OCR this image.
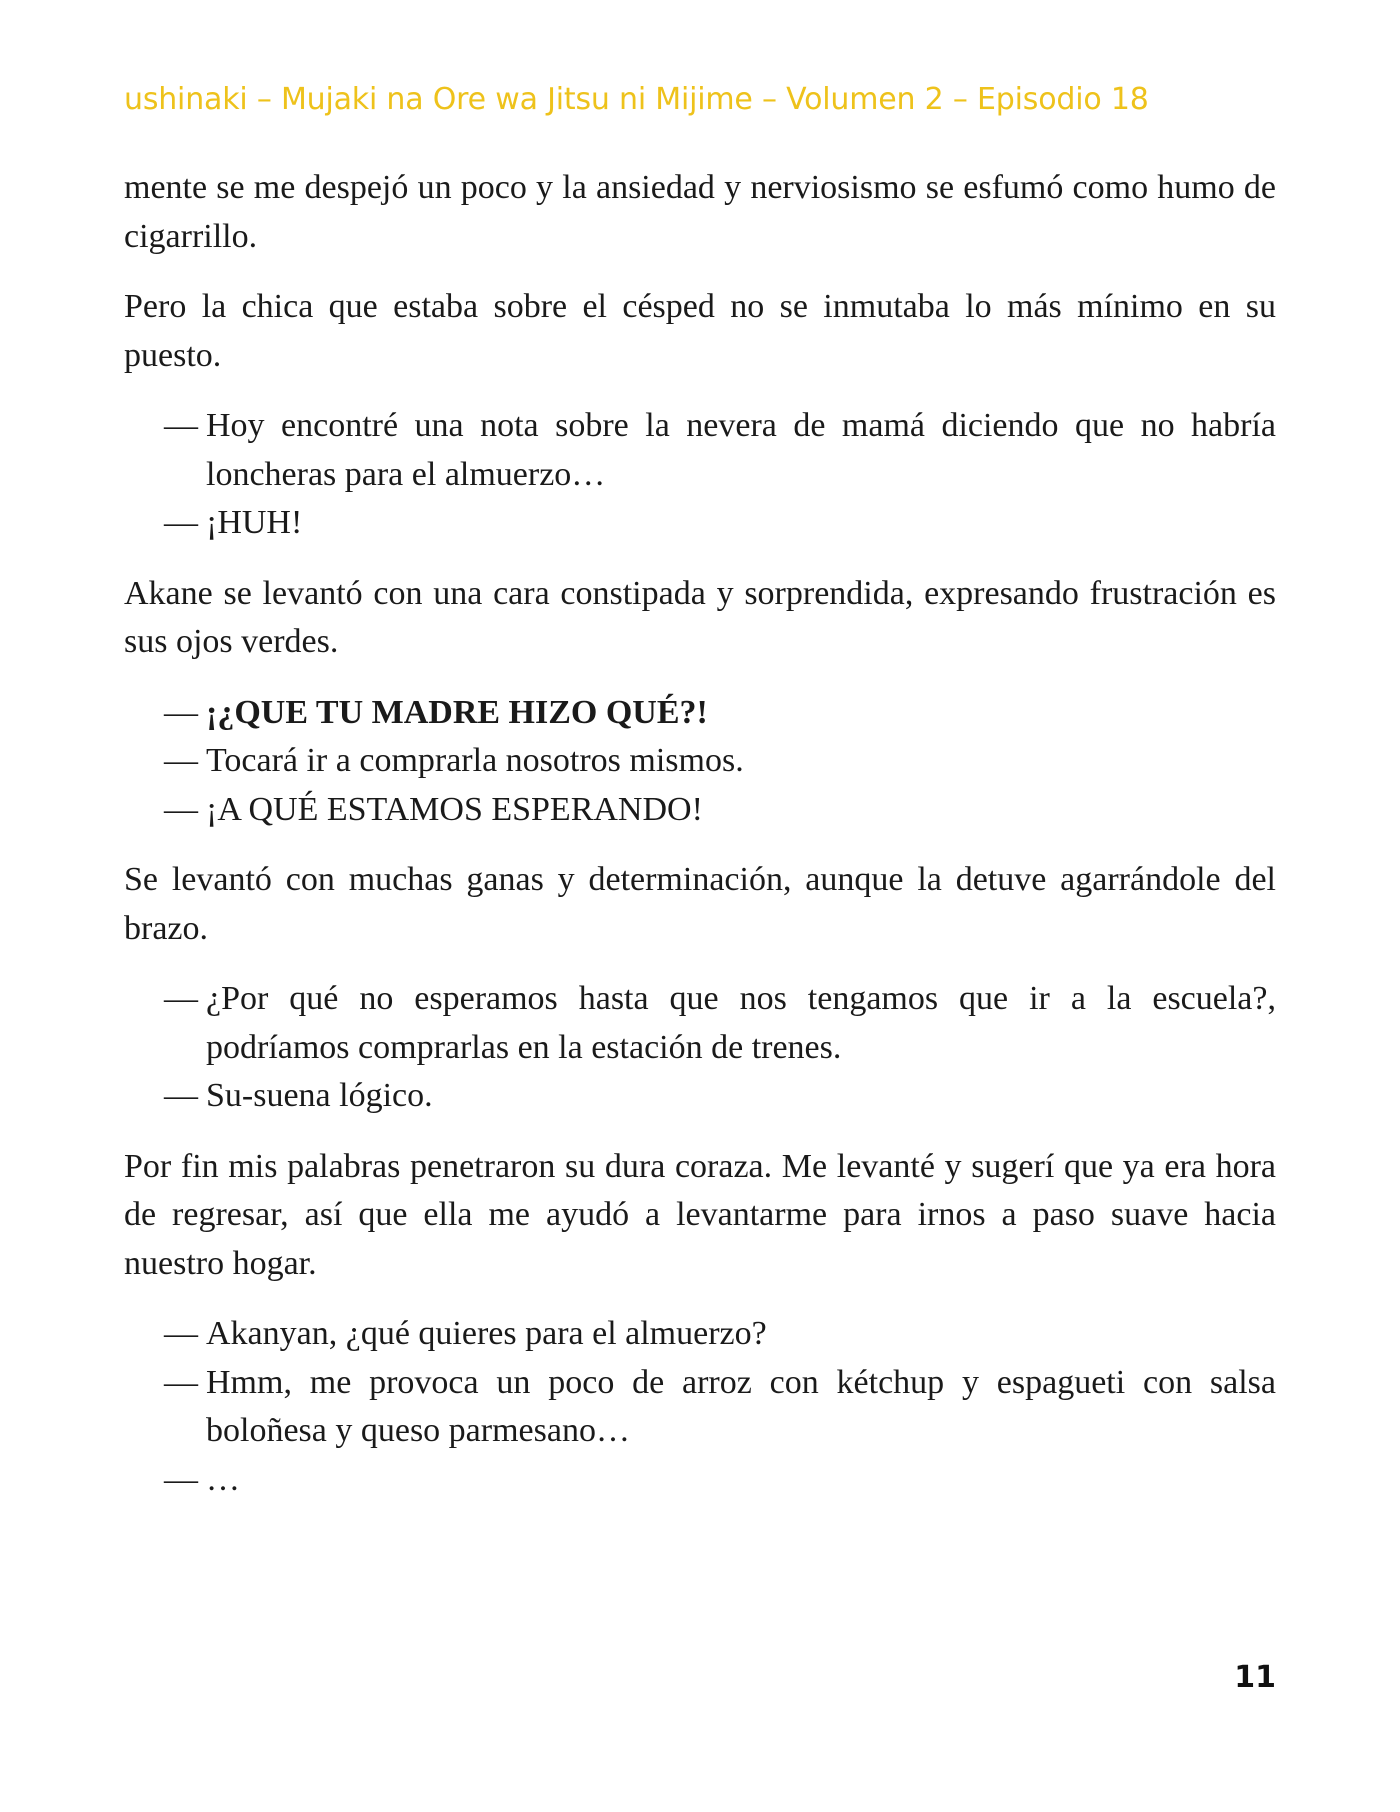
ushinaki – Mujaki na Ore wa Jitsu ni Mijime – Volumen 2 – Episodio 18

mente se me despejó un poco y la ansiedad y nerviosismo se esfumó como humo de cigarrillo.

Pero la chica que estaba sobre el césped no se inmutaba lo más mínimo en su puesto.

— Hoy encontré una nota sobre la nevera de mamá diciendo que no habría loncheras para el almuerzo…
— ¡HUH!

Akane se levantó con una cara constipada y sorprendida, expresando frustración es sus ojos verdes.

— ¡¿QUE TU MADRE HIZO QUÉ?!
— Tocará ir a comprarla nosotros mismos.
— ¡A QUÉ ESTAMOS ESPERANDO!

Se levantó con muchas ganas y determinación, aunque la detuve agarrándole del brazo.

— ¿Por qué no esperamos hasta que nos tengamos que ir a la escuela?, podríamos comprarlas en la estación de trenes.
— Su-suena lógico.

Por fin mis palabras penetraron su dura coraza. Me levanté y sugerí que ya era hora de regresar, así que ella me ayudó a levantarme para irnos a paso suave hacia nuestro hogar.

— Akanyan, ¿qué quieres para el almuerzo?
— Hmm, me provoca un poco de arroz con kétchup y espagueti con salsa boloñesa y queso parmesano…
— …
11
